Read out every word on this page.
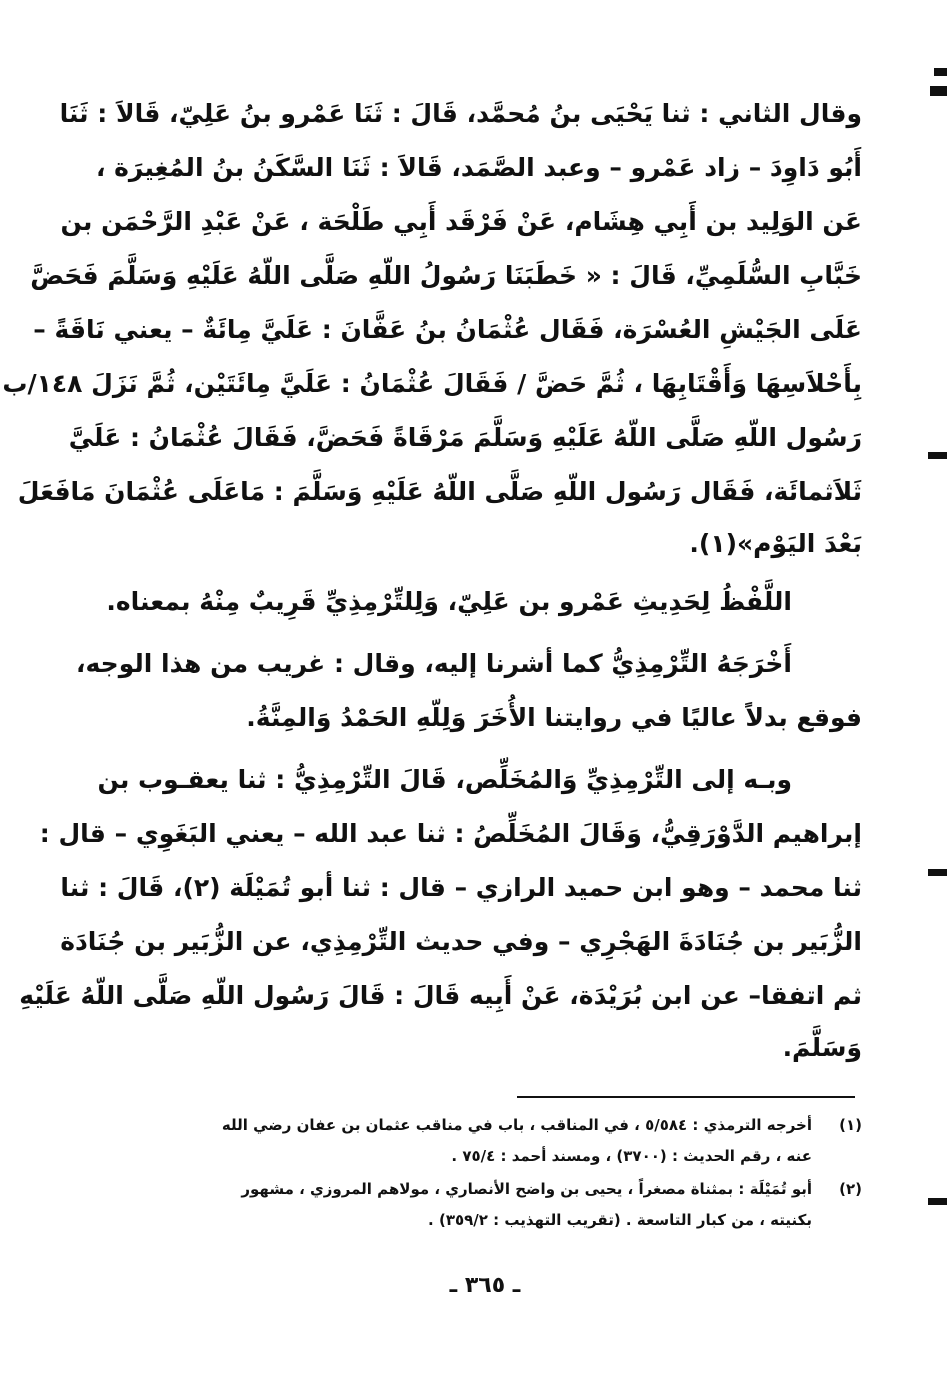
وقال الثاني : ثنا يَحْيَى بنُ مُحمَّد، قَالَ : ثَنَا عَمْرو بنُ عَلِيّ، قَالاَ : ثَنَا
أَبُو دَاوِدَ – زاد عَمْرو – وعبد الصَّمَد، قَالاَ : ثَنَا السَّكَنُ بنُ المُغِيرَة ،
عَن الوَلِيد بن أَبِي هِشَام، عَنْ فَرْقَد أَبِي طَلْحَة ، عَنْ عَبْدِ الرَّحْمَن بن
خَبَّابِ السُّلَمِيِّ، قَالَ : « خَطَبَنَا رَسُولُ اللّهِ صَلَّى اللّهُ عَلَيْهِ وَسَلَّمَ فَحَضَّ
عَلَى الجَيْشِ العُسْرَة، فَقَال عُثْمَانُ بنُ عَفَّانَ : عَلَيَّ مِائَةٌ – يعني نَاقَةً –
بِأَحْلاَسِهَا وَأَقْتَابِهَا ، ثُمَّ حَضَّ / فَقَالَ عُثْمَانُ : عَلَيَّ مِائَتَيْن، ثُمَّ نَزَلَ ١٤٨/ب
رَسُول اللّهِ صَلَّى اللّهُ عَلَيْهِ وَسَلَّمَ مَرْقَاةً فَحَضَّ، فَقَالَ عُثْمَانُ : عَلَيَّ
ثَلاَثمائَة، فَقَال رَسُول اللّهِ صَلَّى اللّهُ عَلَيْهِ وَسَلَّمَ : مَاعَلَى عُثْمَانَ مَافَعَلَ
بَعْدَ اليَوْم»(١).
اللَّفْظُ لِحَدِيثِ عَمْرو بن عَلِيّ، وَلِلتِّرْمِذِيِّ قَرِيبٌ مِنْهُ بمعناه.
أَخْرَجَهُ التِّرْمِذِيُّ كما أشرنا إليه، وقال : غريب من هذا الوجه،
فوقع بدلاً عاليًا في روايتنا الأُخَرَ وَلِلّهِ الحَمْدُ وَالمِنَّةُ.
وبـه إلى التِّرْمِذِيِّ وَالمُخَلِّص، قَالَ التِّرْمِذِيُّ : ثنا يعقـوب بن
إبراهيم الدَّوْرَقِيُّ، وَقَالَ المُخَلِّصُ : ثنا عبد الله – يعني البَغَوِي – قال :
ثنا محمد – وهو ابن حميد الرازي – قال : ثنا أبو تُمَيْلَة (٢)، قَالَ : ثنا
الزُّبَير بن جُنَادَةَ الهَجْرِي – وفي حديث التِّرْمِذِي، عن الزُّبَير بن جُنَادَة
ثم اتفقا– عن ابن بُرَيْدَة، عَنْ أَبِيه قَالَ : قَالَ رَسُول اللّهِ صَلَّى اللّهُ عَلَيْهِ
وَسَلَّمَ.
(١)
أخرجه الترمذي : ٥/٥٨٤ ، في المناقب ، باب في مناقب عثمان بن عفان رضي الله
عنه ، رقم الحديث : (٣٧٠٠) ، ومسند أحمد : ٧٥/٤ .
(٢)
أبو تُمَيْلَة : بمثناة مصغراً ، يحيى بن واضح الأنصاري ، مولاهم المروزي ، مشهور
بكنيته ، من كبار التاسعة . (تقريب التهذيب : ٣٥٩/٢) .
ـ ٣٦٥ ـ
